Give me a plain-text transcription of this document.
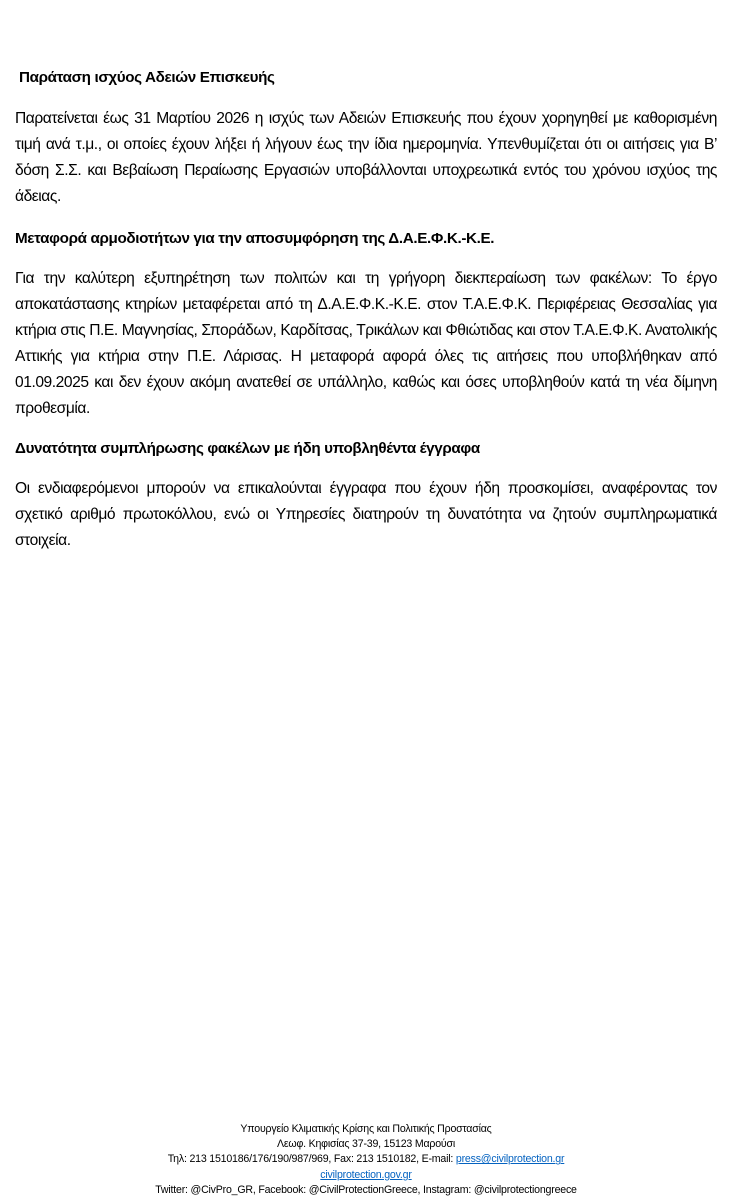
Παράταση ισχύος Αδειών Επισκευής
Παρατείνεται έως 31 Μαρτίου 2026 η ισχύς των Αδειών Επισκευής που έχουν χορηγηθεί με καθορισμένη τιμή ανά τ.μ., οι οποίες έχουν λήξει ή λήγουν έως την ίδια ημερομηνία. Υπενθυμίζεται ότι οι αιτήσεις για Β’ δόση Σ.Σ. και Βεβαίωση Περαίωσης Εργασιών υποβάλλονται υποχρεωτικά εντός του χρόνου ισχύος της άδειας.
Μεταφορά αρμοδιοτήτων για την αποσυμφόρηση της Δ.Α.Ε.Φ.Κ.-Κ.Ε.
Για την καλύτερη εξυπηρέτηση των πολιτών και τη γρήγορη διεκπεραίωση των φακέλων: Το έργο αποκατάστασης κτηρίων μεταφέρεται από τη Δ.Α.Ε.Φ.Κ.-Κ.Ε. στον Τ.Α.Ε.Φ.Κ. Περιφέρειας Θεσσαλίας για κτήρια στις Π.Ε. Μαγνησίας, Σποράδων, Καρδίτσας, Τρικάλων και Φθιώτιδας και στον Τ.Α.Ε.Φ.Κ. Ανατολικής Αττικής για κτήρια στην Π.Ε. Λάρισας. Η μεταφορά αφορά όλες τις αιτήσεις που υποβλήθηκαν από 01.09.2025 και δεν έχουν ακόμη ανατεθεί σε υπάλληλο, καθώς και όσες υποβληθούν κατά τη νέα δίμηνη προθεσμία.
Δυνατότητα συμπλήρωσης φακέλων με ήδη υποβληθέντα έγγραφα
Οι ενδιαφερόμενοι μπορούν να επικαλούνται έγγραφα που έχουν ήδη προσκομίσει, αναφέροντας τον σχετικό αριθμό πρωτοκόλλου, ενώ οι Υπηρεσίες διατηρούν τη δυνατότητα να ζητούν συμπληρωματικά στοιχεία.
Υπουργείο Κλιματικής Κρίσης και Πολιτικής Προστασίας
Λεωφ. Κηφισίας 37-39, 15123 Μαρούσι
Τηλ: 213 1510186/176/190/987/969, Fax: 213 1510182, E-mail: press@civilprotection.gr
civilprotection.gov.gr
Twitter: @CivPro_GR, Facebook: @CivilProtectionGreece, Instagram: @civilprotectiongreece
